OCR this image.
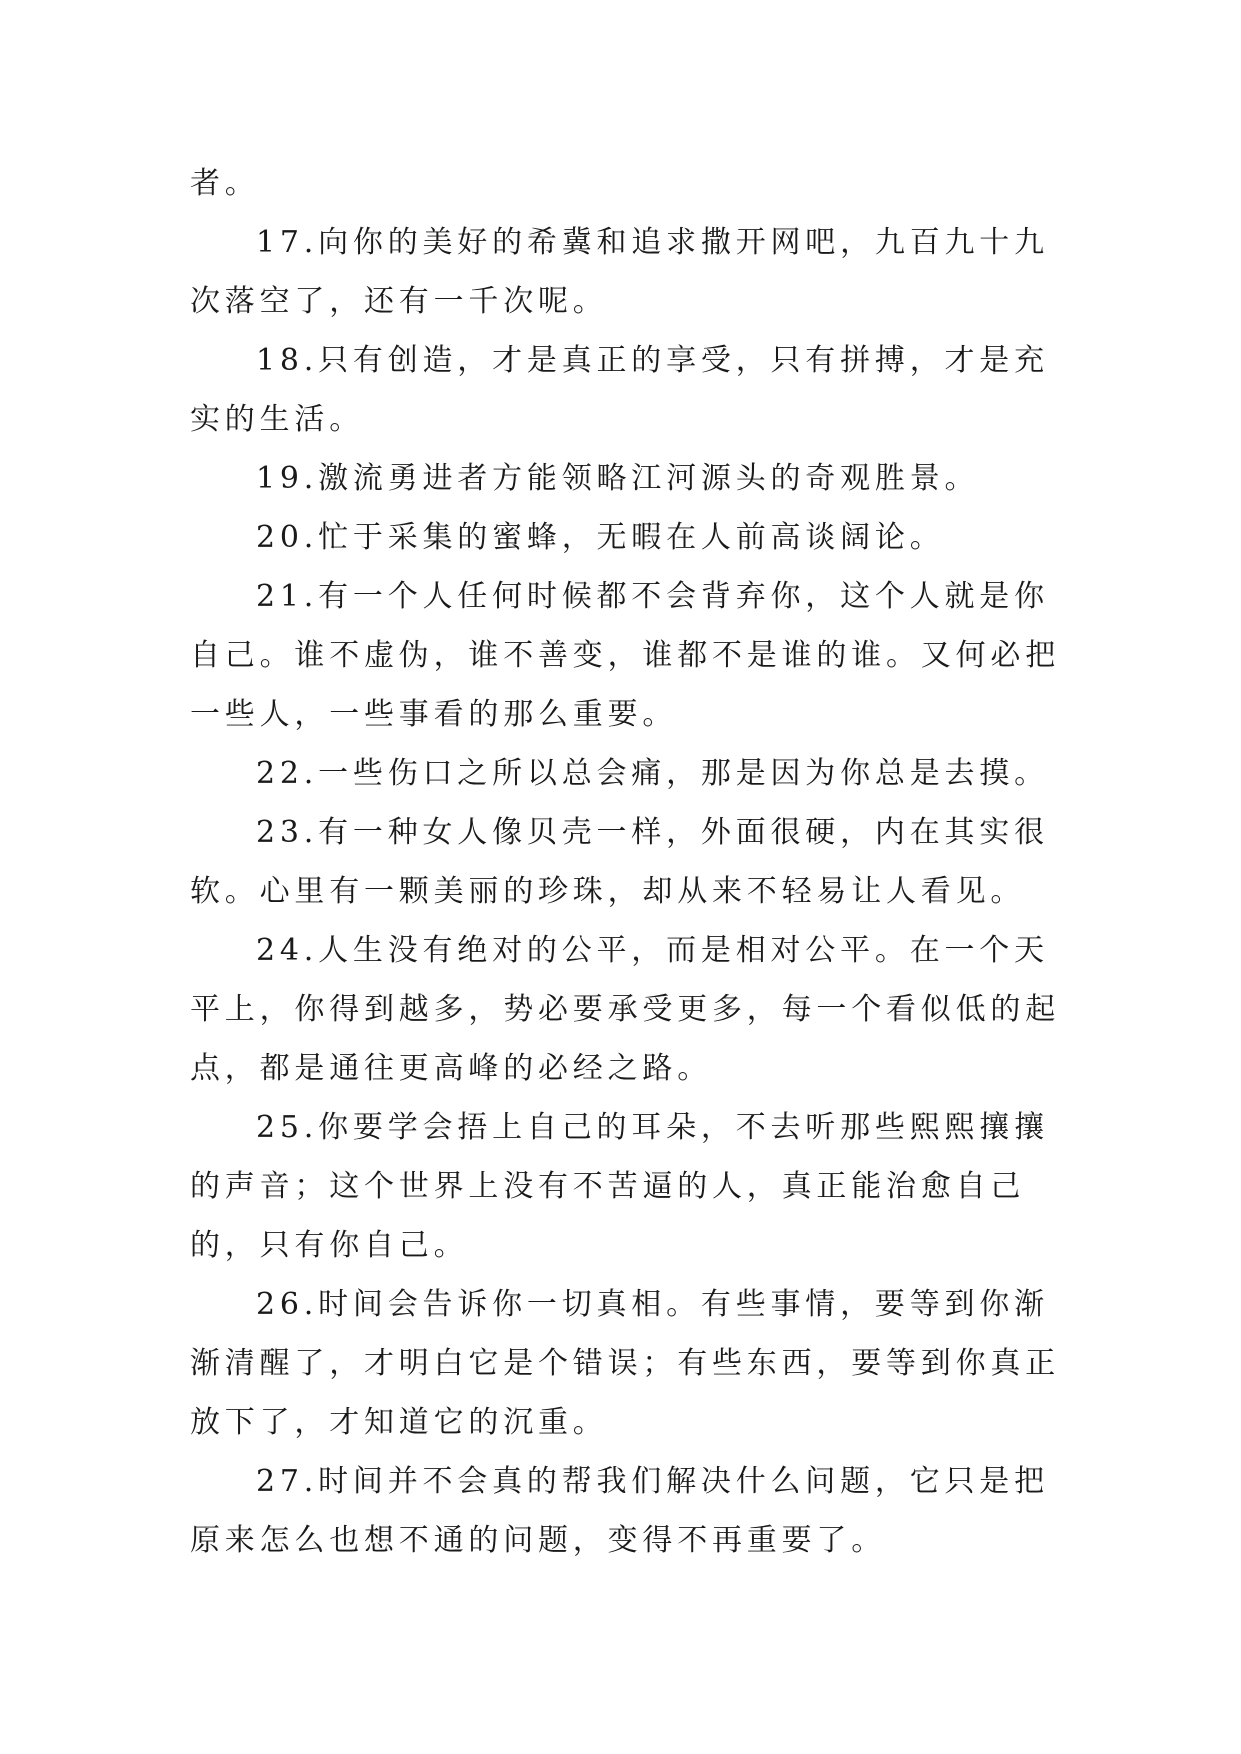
者。

17.向你的美好的希冀和追求撒开网吧，九百九十九次落空了，还有一千次呢。

18.只有创造，才是真正的享受，只有拼搏，才是充实的生活。

19.激流勇进者方能领略江河源头的奇观胜景。

20.忙于采集的蜜蜂，无暇在人前高谈阔论。

21.有一个人任何时候都不会背弃你，这个人就是你自己。谁不虚伪，谁不善变，谁都不是谁的谁。又何必把一些人，一些事看的那么重要。

22.一些伤口之所以总会痛，那是因为你总是去摸。

23.有一种女人像贝壳一样，外面很硬，内在其实很软。心里有一颗美丽的珍珠，却从来不轻易让人看见。

24.人生没有绝对的公平，而是相对公平。在一个天平上，你得到越多，势必要承受更多，每一个看似低的起点，都是通往更高峰的必经之路。

25.你要学会捂上自己的耳朵，不去听那些熙熙攘攘的声音；这个世界上没有不苦逼的人，真正能治愈自己的，只有你自己。

26.时间会告诉你一切真相。有些事情，要等到你渐渐清醒了，才明白它是个错误；有些东西，要等到你真正放下了，才知道它的沉重。

27.时间并不会真的帮我们解决什么问题，它只是把原来怎么也想不通的问题，变得不再重要了。
